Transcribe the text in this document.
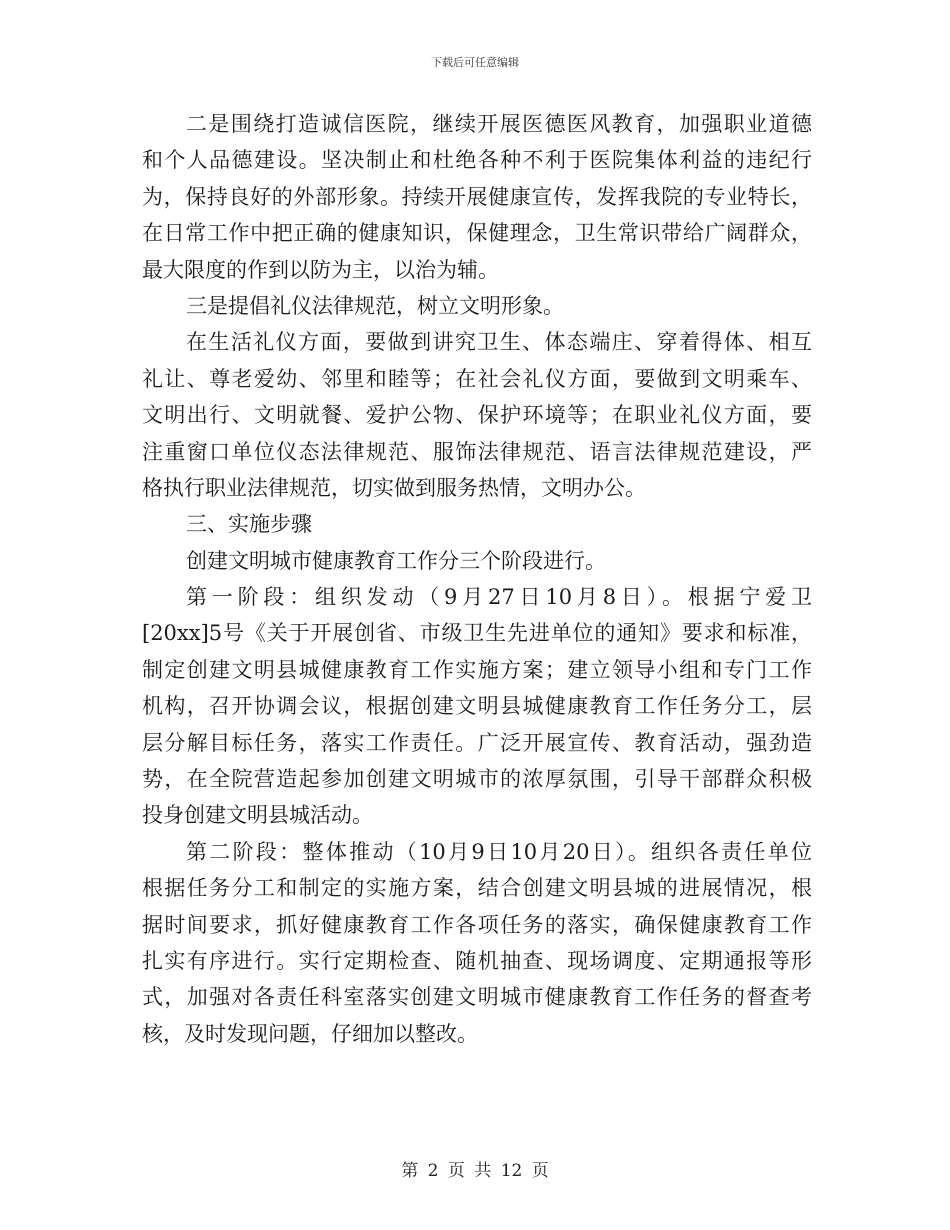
下载后可任意编辑
二是围绕打造诚信医院，继续开展医德医风教育，加强职业道德
和个人品德建设。坚决制止和杜绝各种不利于医院集体利益的违纪行
为，保持良好的外部形象。持续开展健康宣传，发挥我院的专业特长，
在日常工作中把正确的健康知识，保健理念，卫生常识带给广阔群众，
最大限度的作到以防为主，以治为辅。
三是提倡礼仪法律规范，树立文明形象。
在生活礼仪方面，要做到讲究卫生、体态端庄、穿着得体、相互
礼让、尊老爱幼、邻里和睦等；在社会礼仪方面，要做到文明乘车、
文明出行、文明就餐、爱护公物、保护环境等；在职业礼仪方面，要
注重窗口单位仪态法律规范、服饰法律规范、语言法律规范建设，严
格执行职业法律规范，切实做到服务热情，文明办公。
三、实施步骤
创建文明城市健康教育工作分三个阶段进行。
第一阶段：组织发动（9月27日10月8日）。根据宁爱卫
[20xx]5号《关于开展创省、市级卫生先进单位的通知》要求和标准，
制定创建文明县城健康教育工作实施方案；建立领导小组和专门工作
机构，召开协调会议，根据创建文明县城健康教育工作任务分工，层
层分解目标任务，落实工作责任。广泛开展宣传、教育活动，强劲造
势，在全院营造起参加创建文明城市的浓厚氛围，引导干部群众积极
投身创建文明县城活动。
第二阶段：整体推动（10月9日10月20日）。组织各责任单位
根据任务分工和制定的实施方案，结合创建文明县城的进展情况，根
据时间要求，抓好健康教育工作各项任务的落实，确保健康教育工作
扎实有序进行。实行定期检查、随机抽查、现场调度、定期通报等形
式，加强对各责任科室落实创建文明城市健康教育工作任务的督查考
核，及时发现问题，仔细加以整改。
第 2 页 共 12 页
